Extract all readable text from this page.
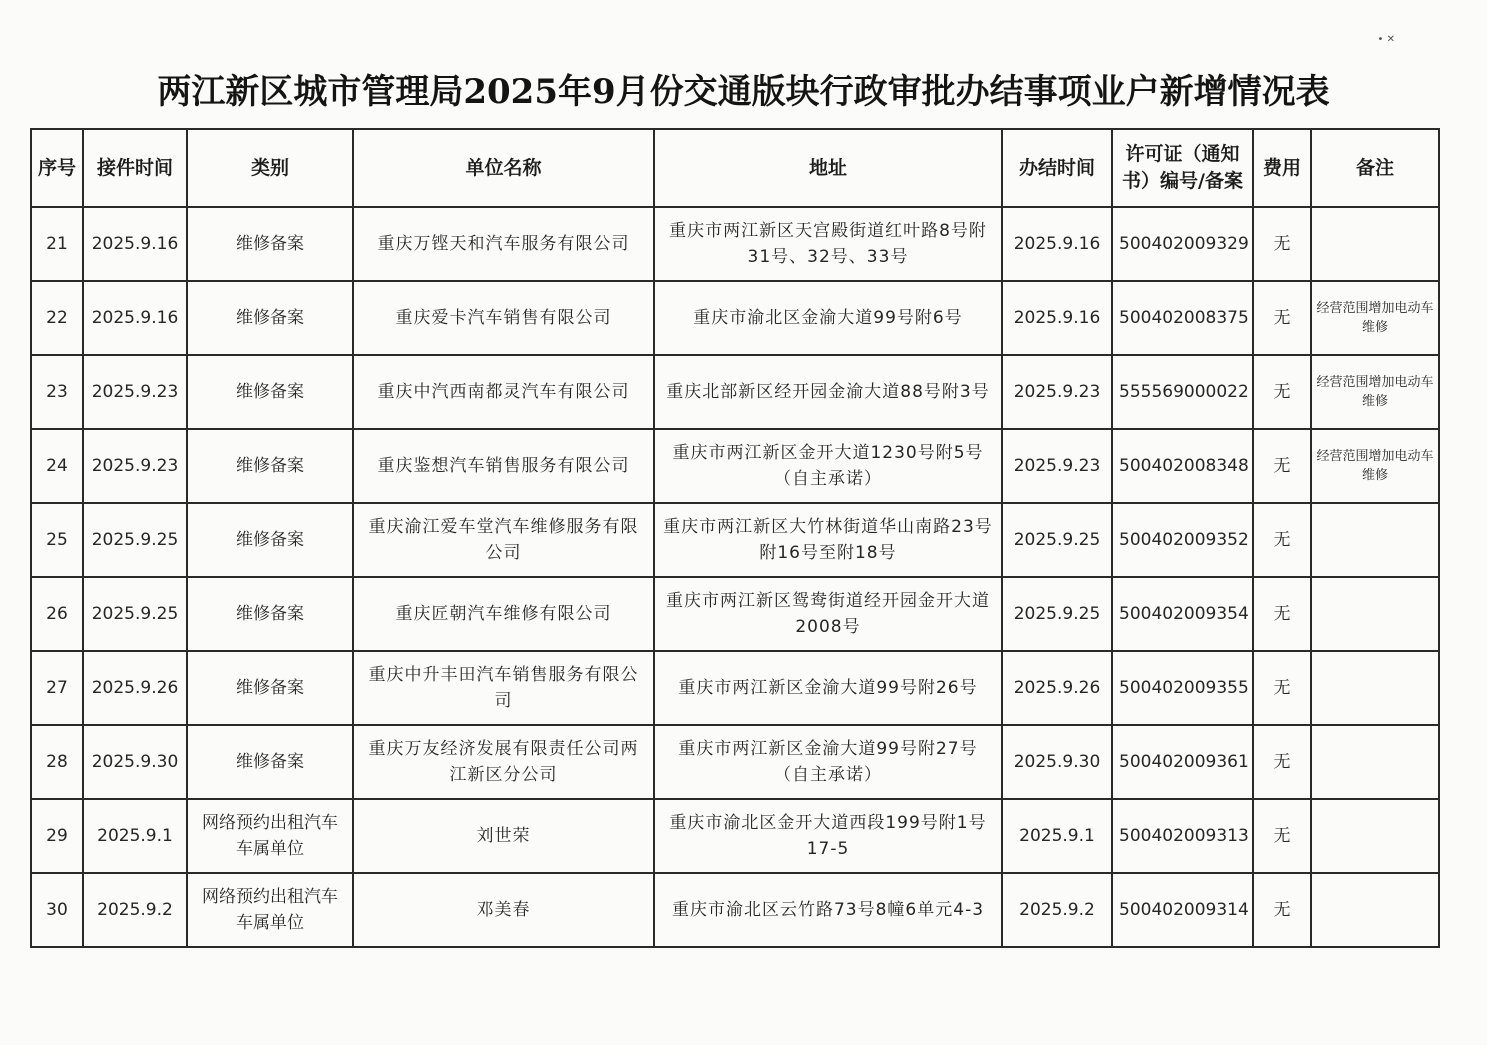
两江新区城市管理局2025年9月份交通版块行政审批办结事项业户新增情况表
• ✕
序号	接件时间	类别	单位名称	地址	办结时间	许可证（通知书）编号/备案	费用	备注
21	2025.9.16	维修备案	重庆万铿天和汽车服务有限公司	重庆市两江新区天宫殿街道红叶路8号附31号、32号、33号	2025.9.16	500402009329	无	
22	2025.9.16	维修备案	重庆爱卡汽车销售有限公司	重庆市渝北区金渝大道99号附6号	2025.9.16	500402008375	无	经营范围增加电动车维修
23	2025.9.23	维修备案	重庆中汽西南都灵汽车有限公司	重庆北部新区经开园金渝大道88号附3号	2025.9.23	555569000022	无	经营范围增加电动车维修
24	2025.9.23	维修备案	重庆鉴想汽车销售服务有限公司	重庆市两江新区金开大道1230号附5号（自主承诺）	2025.9.23	500402008348	无	经营范围增加电动车维修
25	2025.9.25	维修备案	重庆渝江爱车堂汽车维修服务有限公司	重庆市两江新区大竹林街道华山南路23号附16号至附18号	2025.9.25	500402009352	无	
26	2025.9.25	维修备案	重庆匠朝汽车维修有限公司	重庆市两江新区鸳鸯街道经开园金开大道2008号	2025.9.25	500402009354	无	
27	2025.9.26	维修备案	重庆中升丰田汽车销售服务有限公司	重庆市两江新区金渝大道99号附26号	2025.9.26	500402009355	无	
28	2025.9.30	维修备案	重庆万友经济发展有限责任公司两江新区分公司	重庆市两江新区金渝大道99号附27号（自主承诺）	2025.9.30	500402009361	无	
29	2025.9.1	网络预约出租汽车车属单位	刘世荣	重庆市渝北区金开大道西段199号附1号17-5	2025.9.1	500402009313	无	
30	2025.9.2	网络预约出租汽车车属单位	邓美春	重庆市渝北区云竹路73号8幢6单元4-3	2025.9.2	500402009314	无	
